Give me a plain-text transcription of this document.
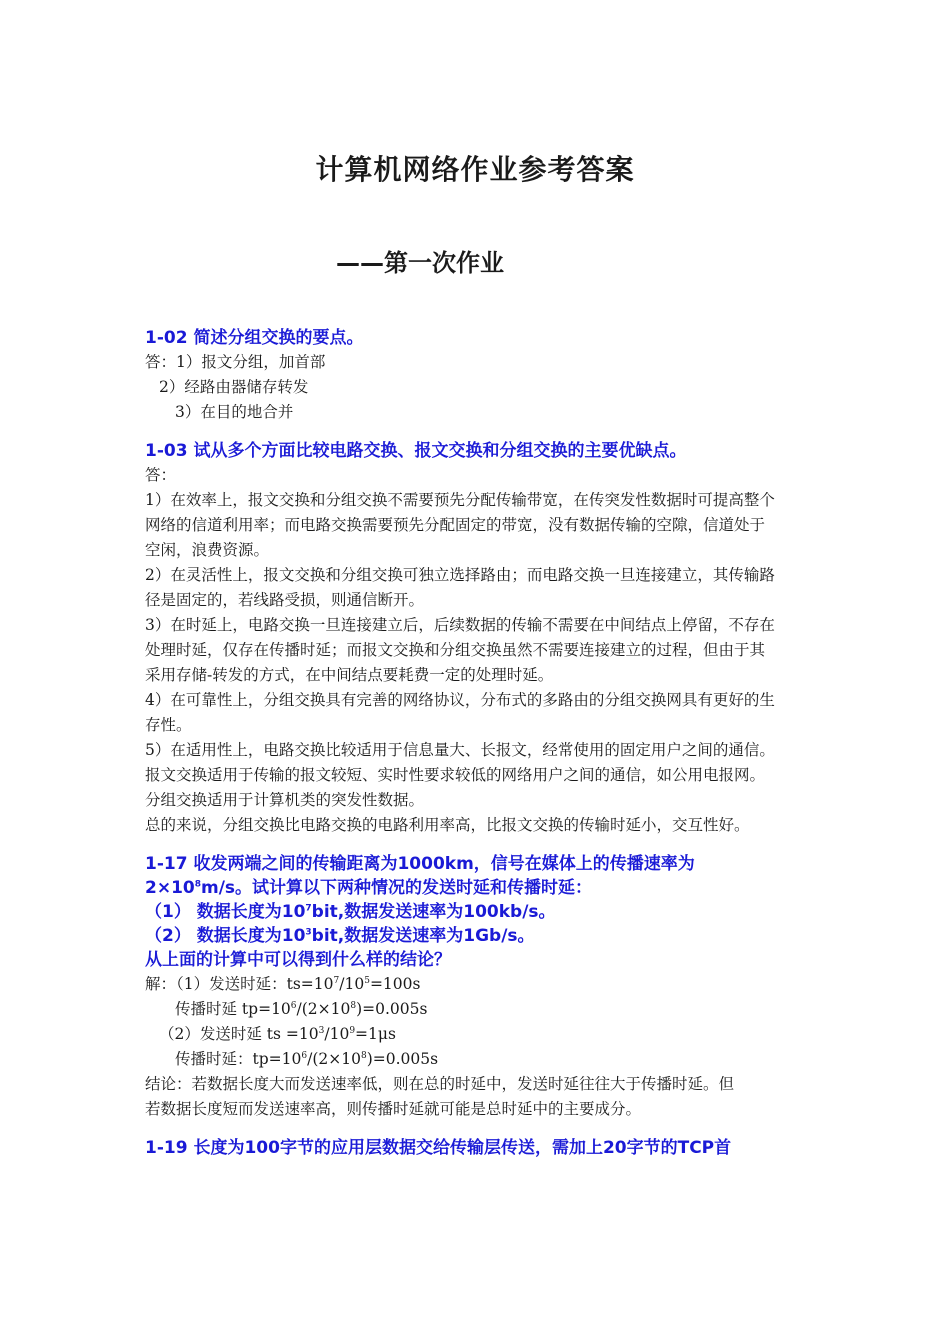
计算机网络作业参考答案
——第一次作业
1-02 简述分组交换的要点。
答：1）报文分组，加首部
2）经路由器储存转发
3）在目的地合并
1-03 试从多个方面比较电路交换、报文交换和分组交换的主要优缺点。
答：
1）在效率上，报文交换和分组交换不需要预先分配传输带宽，在传突发性数据时可提高整个
网络的信道利用率；而电路交换需要预先分配固定的带宽，没有数据传输的空隙，信道处于
空闲，浪费资源。
2）在灵活性上，报文交换和分组交换可独立选择路由；而电路交换一旦连接建立，其传输路
径是固定的，若线路受损，则通信断开。
3）在时延上，电路交换一旦连接建立后，后续数据的传输不需要在中间结点上停留，不存在
处理时延，仅存在传播时延；而报文交换和分组交换虽然不需要连接建立的过程，但由于其
采用存储-转发的方式，在中间结点要耗费一定的处理时延。
4）在可靠性上，分组交换具有完善的网络协议，分布式的多路由的分组交换网具有更好的生
存性。
5）在适用性上，电路交换比较适用于信息量大、长报文，经常使用的固定用户之间的通信。
报文交换适用于传输的报文较短、实时性要求较低的网络用户之间的通信，如公用电报网。
分组交换适用于计算机类的突发性数据。
总的来说，分组交换比电路交换的电路利用率高，比报文交换的传输时延小，交互性好。
1-17 收发两端之间的传输距离为1000km，信号在媒体上的传播速率为
$2\times 10^8m/s$。试计算以下两种情况的发送时延和传播时延：
（1） 数据长度为$10^7bit$,数据发送速率为100kb/s。
（2） 数据长度为$10^3bit$,数据发送速率为1Gb/s。
从上面的计算中可以得到什么样的结论？
解：（1）发送时延：$ts=10^7/10^5=100s$
传播时延 $tp=10^6/(2\times 10^8)=0.005s$
（2）发送时延 ts $=10^3/10^9=1\mu s$
传播时延：$tp=10^6/(2\times 10^8)=0.005s$
结论：若数据长度大而发送速率低，则在总的时延中，发送时延往往大于传播时延。但
若数据长度短而发送速率高，则传播时延就可能是总时延中的主要成分。
1-19 长度为100字节的应用层数据交给传输层传送，需加上20字节的TCP首
